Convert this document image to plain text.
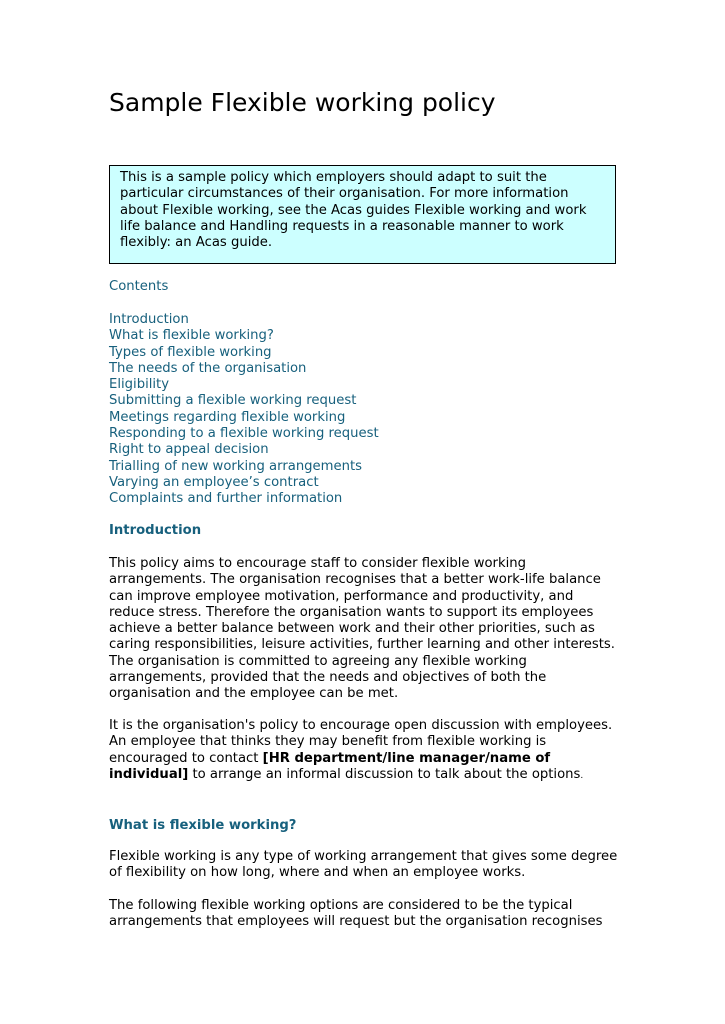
Sample Flexible working policy
This is a sample policy which employers should adapt to suit the particular circumstances of their organisation. For more information about Flexible working, see the Acas guides Flexible working and work life balance and Handling requests in a reasonable manner to work flexibly: an Acas guide.

Contents

Introduction
What is flexible working?
Types of flexible working
The needs of the organisation
Eligibility
Submitting a flexible working request
Meetings regarding flexible working
Responding to a flexible working request
Right to appeal decision
Trialling of new working arrangements
Varying an employee’s contract
Complaints and further information
Introduction

This policy aims to encourage staff to consider flexible working arrangements. The organisation recognises that a better work-life balance can improve employee motivation, performance and productivity, and reduce stress. Therefore the organisation wants to support its employees achieve a better balance between work and their other priorities, such as caring responsibilities, leisure activities, further learning and other interests. The organisation is committed to agreeing any flexible working arrangements, provided that the needs and objectives of both the organisation and the employee can be met.

It is the organisation's policy to encourage open discussion with employees. An employee that thinks they may benefit from flexible working is encouraged to contact [HR department/line manager/name of individual] to arrange an informal discussion to talk about the options.

What is flexible working?

Flexible working is any type of working arrangement that gives some degree of flexibility on how long, where and when an employee works.

The following flexible working options are considered to be the typical arrangements that employees will request but the organisation recognises
